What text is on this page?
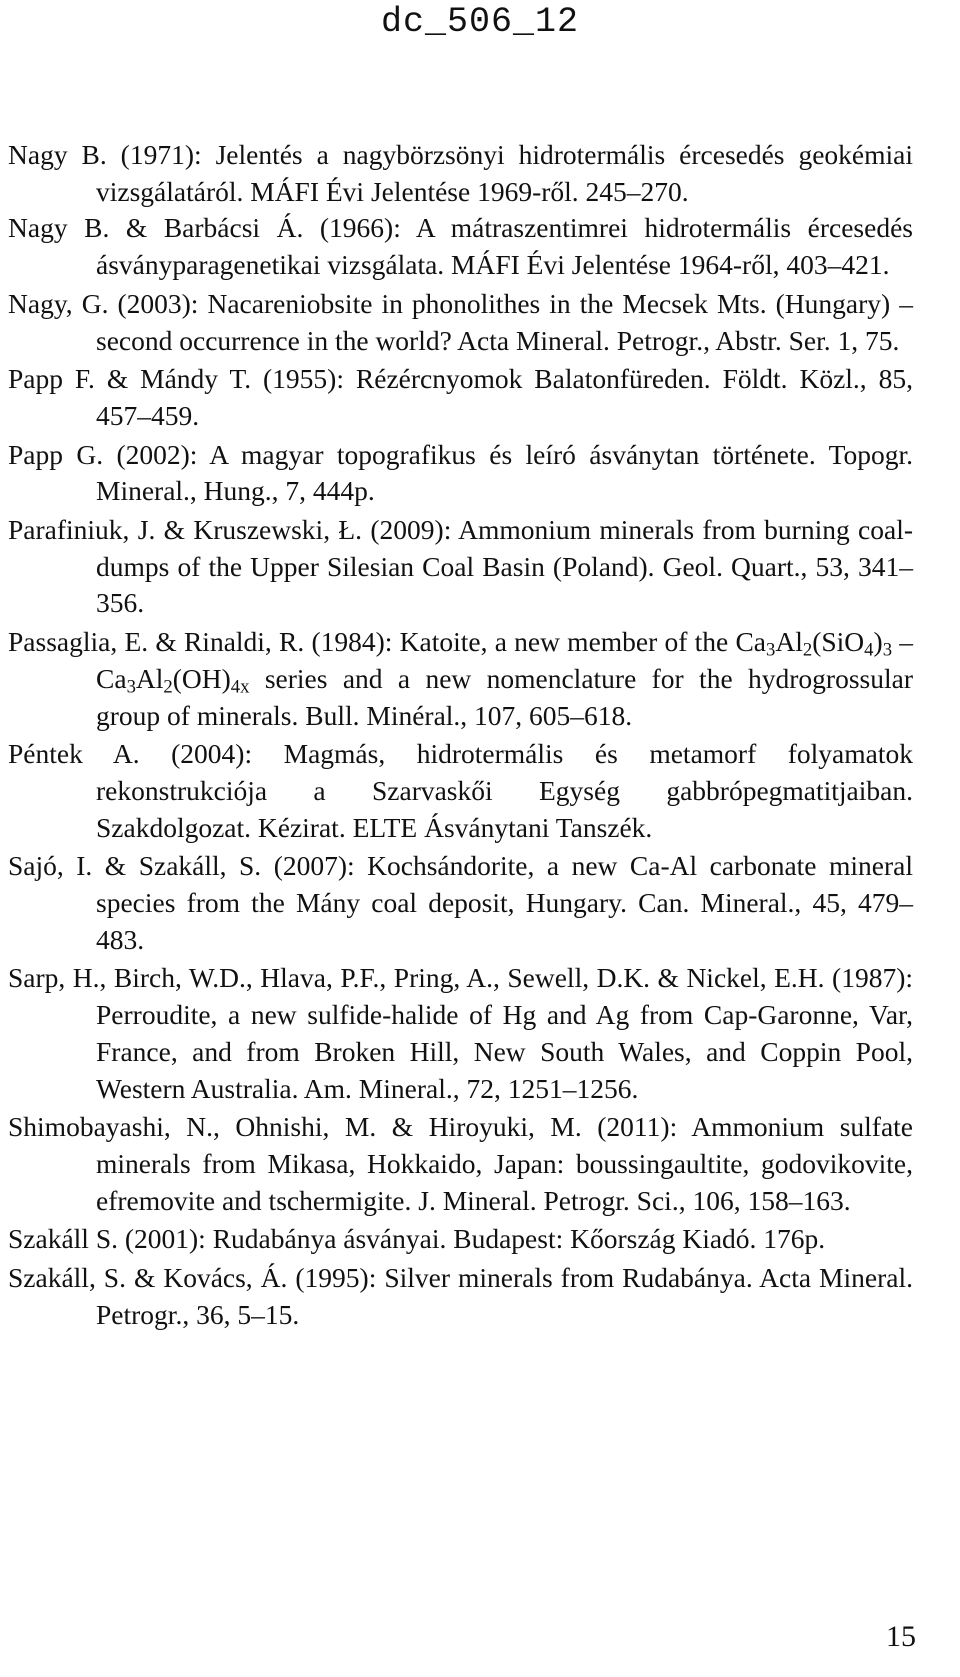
dc_506_12

Nagy B. (1971): Jelentés a nagybörzsönyi hidrotermális ércesedés geokémiai vizsgálatáról. MÁFI Évi Jelentése 1969-ről. 245–270.

Nagy B. & Barbácsi Á. (1966): A mátraszentimrei hidrotermális ércesedés ásványparagenetikai vizsgálata. MÁFI Évi Jelentése 1964-ről, 403–421.

Nagy, G. (2003): Nacareniobsite in phonolithes in the Mecsek Mts. (Hungary) – second occurrence in the world? Acta Mineral. Petrogr., Abstr. Ser. 1, 75.

Papp F. & Mándy T. (1955): Rézércnyomok Balatonfüreden. Földt. Közl., 85, 457–459.

Papp G. (2002): A magyar topografikus és leíró ásványtan története. Topogr. Mineral., Hung., 7, 444p.

Parafiniuk, J. & Kruszewski, Ł. (2009): Ammonium minerals from burning coal-dumps of the Upper Silesian Coal Basin (Poland). Geol. Quart., 53, 341–356.

Passaglia, E. & Rinaldi, R. (1984): Katoite, a new member of the $Ca_3Al_2(SiO_4)_3 - Ca_3Al_2(OH)_{4x}$ series and a new nomenclature for the hydrogrossular group of minerals. Bull. Minéral., 107, 605–618.

Péntek A. (2004): Magmás, hidrotermális és metamorf folyamatok rekonstrukciója a Szarvaskői Egység gabbrópegmatitjaiban. Szakdolgozat. Kézirat. ELTE Ásványtani Tanszék.

Sajó, I. & Szakáll, S. (2007): Kochsándorite, a new Ca-Al carbonate mineral species from the Mány coal deposit, Hungary. Can. Mineral., 45, 479–483.

Sarp, H., Birch, W.D., Hlava, P.F., Pring, A., Sewell, D.K. & Nickel, E.H. (1987): Perroudite, a new sulfide-halide of Hg and Ag from Cap-Garonne, Var, France, and from Broken Hill, New South Wales, and Coppin Pool, Western Australia. Am. Mineral., 72, 1251–1256.

Shimobayashi, N., Ohnishi, M. & Hiroyuki, M. (2011): Ammonium sulfate minerals from Mikasa, Hokkaido, Japan: boussingaultite, godovikovite, efremovite and tschermigite. J. Mineral. Petrogr. Sci., 106, 158–163.

Szakáll S. (2001): Rudabánya ásványai. Budapest: Kőország Kiadó. 176p.

Szakáll, S. & Kovács, Á. (1995): Silver minerals from Rudabánya. Acta Mineral. Petrogr., 36, 5–15.

15
